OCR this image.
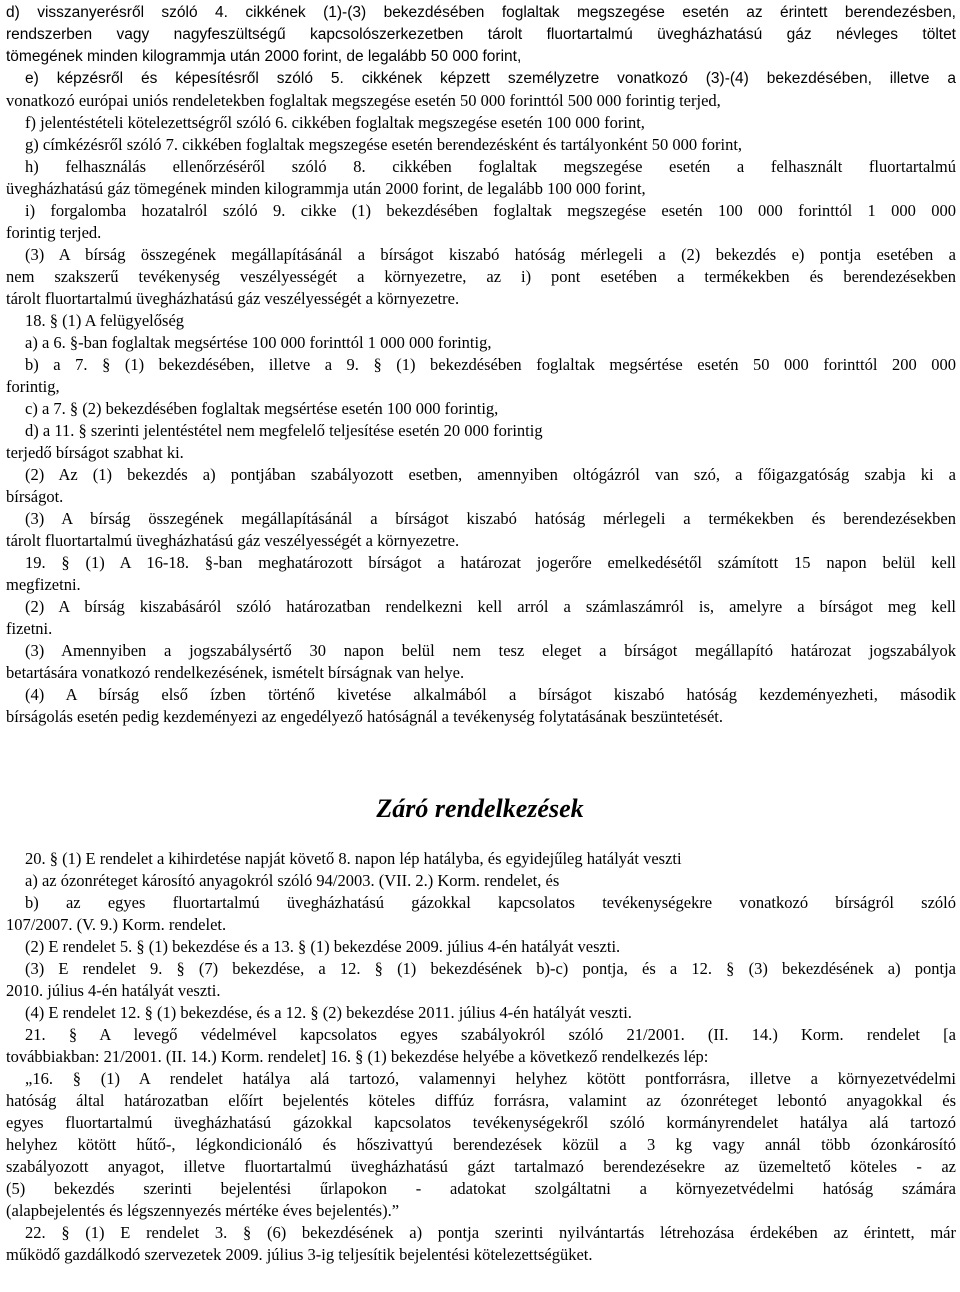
d) visszanyerésről szóló 4. cikkének (1)-(3) bekezdésében foglaltak megszegése esetén az érintett berendezésben,
rendszerben vagy nagyfeszültségű kapcsolószerkezetben tárolt fluortartalmú üvegházhatású gáz névleges töltet
tömegének minden kilogrammja után 2000 forint, de legalább 50 000 forint,
e) képzésről és képesítésről szóló 5. cikkének képzett személyzetre vonatkozó (3)-(4) bekezdésében, illetve a
vonatkozó európai uniós rendeletekben foglaltak megszegése esetén 50 000 forinttól 500 000 forintig terjed,
f) jelentéstételi kötelezettségről szóló 6. cikkében foglaltak megszegése esetén 100 000 forint,
g) címkézésről szóló 7. cikkében foglaltak megszegése esetén berendezésként és tartályonként 50 000 forint,
h) felhasználás ellenőrzéséről szóló 8. cikkében foglaltak megszegése esetén a felhasznált fluortartalmú
üvegházhatású gáz tömegének minden kilogrammja után 2000 forint, de legalább 100 000 forint,
i) forgalomba hozatalról szóló 9. cikke (1) bekezdésében foglaltak megszegése esetén 100 000 forinttól 1 000 000
forintig terjed.
(3) A bírság összegének megállapításánál a bírságot kiszabó hatóság mérlegeli a (2) bekezdés e) pontja esetében a
nem szakszerű tevékenység veszélyességét a környezetre, az i) pont esetében a termékekben és berendezésekben
tárolt fluortartalmú üvegházhatású gáz veszélyességét a környezetre.
18. § (1) A felügyelőség
a) a 6. §-ban foglaltak megsértése 100 000 forinttól 1 000 000 forintig,
b) a 7. § (1) bekezdésében, illetve a 9. § (1) bekezdésében foglaltak megsértése esetén 50 000 forinttól 200 000
forintig,
c) a 7. § (2) bekezdésében foglaltak megsértése esetén 100 000 forintig,
d) a 11. § szerinti jelentéstétel nem megfelelő teljesítése esetén 20 000 forintig
terjedő bírságot szabhat ki.
(2) Az (1) bekezdés a) pontjában szabályozott esetben, amennyiben oltógázról van szó, a főigazgatóság szabja ki a
bírságot.
(3) A bírság összegének megállapításánál a bírságot kiszabó hatóság mérlegeli a termékekben és berendezésekben
tárolt fluortartalmú üvegházhatású gáz veszélyességét a környezetre.
19. § (1) A 16-18. §-ban meghatározott bírságot a határozat jogerőre emelkedésétől számított 15 napon belül kell
megfizetni.
(2) A bírság kiszabásáról szóló határozatban rendelkezni kell arról a számlaszámról is, amelyre a bírságot meg kell
fizetni.
(3) Amennyiben a jogszabálysértő 30 napon belül nem tesz eleget a bírságot megállapító határozat jogszabályok
betartására vonatkozó rendelkezésének, ismételt bírságnak van helye.
(4) A bírság első ízben történő kivetése alkalmából a bírságot kiszabó hatóság kezdeményezheti, második
bírságolás esetén pedig kezdeményezi az engedélyező hatóságnál a tevékenység folytatásának beszüntetését.
Záró rendelkezések
20. § (1) E rendelet a kihirdetése napját követő 8. napon lép hatályba, és egyidejűleg hatályát veszti
a) az ózonréteget károsító anyagokról szóló 94/2003. (VII. 2.) Korm. rendelet, és
b) az egyes fluortartalmú üvegházhatású gázokkal kapcsolatos tevékenységekre vonatkozó bírságról szóló
107/2007. (V. 9.) Korm. rendelet.
(2) E rendelet 5. § (1) bekezdése és a 13. § (1) bekezdése 2009. július 4-én hatályát veszti.
(3) E rendelet 9. § (7) bekezdése, a 12. § (1) bekezdésének b)-c) pontja, és a 12. § (3) bekezdésének a) pontja
2010. július 4-én hatályát veszti.
(4) E rendelet 12. § (1) bekezdése, és a 12. § (2) bekezdése 2011. július 4-én hatályát veszti.
21. § A levegő védelmével kapcsolatos egyes szabályokról szóló 21/2001. (II. 14.) Korm. rendelet [a
továbbiakban: 21/2001. (II. 14.) Korm. rendelet] 16. § (1) bekezdése helyébe a következő rendelkezés lép:
„16. § (1) A rendelet hatálya alá tartozó, valamennyi helyhez kötött pontforrásra, illetve a környezetvédelmi
hatóság által határozatban előírt bejelentés köteles diffúz forrásra, valamint az ózonréteget lebontó anyagokkal és
egyes fluortartalmú üvegházhatású gázokkal kapcsolatos tevékenységekről szóló kormányrendelet hatálya alá tartozó
helyhez kötött hűtő-, légkondicionáló és hőszivattyú berendezések közül a 3 kg vagy annál több ózonkárosító
szabályozott anyagot, illetve fluortartalmú üvegházhatású gázt tartalmazó berendezésekre az üzemeltető köteles - az
(5) bekezdés szerinti bejelentési űrlapokon - adatokat szolgáltatni a környezetvédelmi hatóság számára
(alapbejelentés és légszennyezés mértéke éves bejelentés).”
22. § (1) E rendelet 3. § (6) bekezdésének a) pontja szerinti nyilvántartás létrehozása érdekében az érintett, már
működő gazdálkodó szervezetek 2009. július 3-ig teljesítik bejelentési kötelezettségüket.
